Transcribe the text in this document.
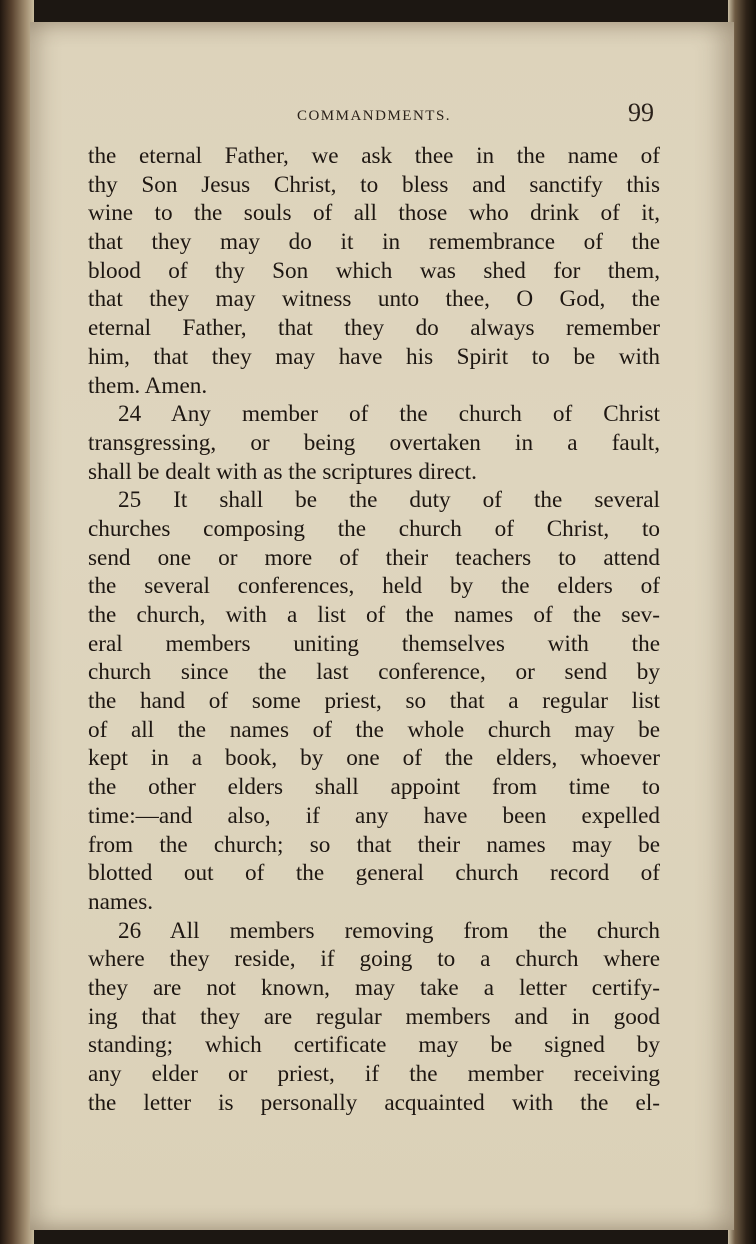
COMMANDMENTS.	99
the eternal Father, we ask thee in the name of
thy Son Jesus Christ, to bless and sanctify this
wine to the souls of all those who drink of it,
that they may do it in remembrance of the
blood of thy Son which was shed for them,
that they may witness unto thee, O God, the
eternal Father, that they do always remember
him, that they may have his Spirit to be with
them. Amen.
24 Any member of the church of Christ
transgressing, or being overtaken in a fault,
shall be dealt with as the scriptures direct.
25 It shall be the duty of the several
churches composing the church of Christ, to
send one or more of their teachers to attend
the several conferences, held by the elders of
the church, with a list of the names of the sev-
eral members uniting themselves with the
church since the last conference, or send by
the hand of some priest, so that a regular list
of all the names of the whole church may be
kept in a book, by one of the elders, whoever
the other elders shall appoint from time to
time:—and also, if any have been expelled
from the church; so that their names may be
blotted out of the general church record of
names.
26 All members removing from the church
where they reside, if going to a church where
they are not known, may take a letter certify-
ing that they are regular members and in good
standing; which certificate may be signed by
any elder or priest, if the member receiving
the letter is personally acquainted with the el-
